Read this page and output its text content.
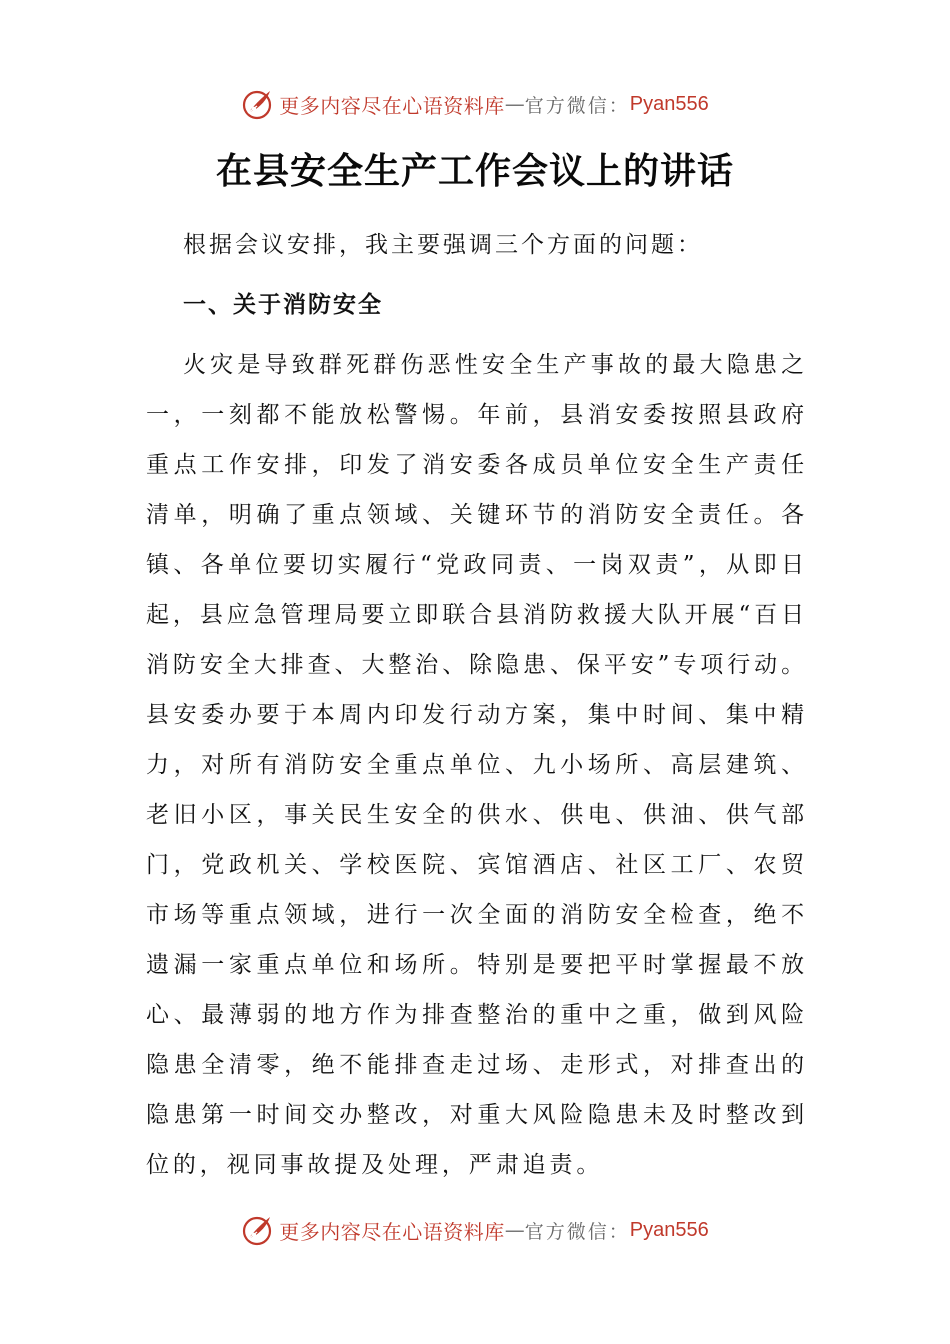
更多内容尽在心语资料库 — 官方微信： Pyan556
在县安全生产工作会议上的讲话

根据会议安排，我主要强调三个方面的问题：

一、关于消防安全

火灾是导致群死群伤恶性安全生产事故的最大隐患之一，一刻都不能放松警惕。年前，县消安委按照县政府重点工作安排，印发了消安委各成员单位安全生产责任清单，明确了重点领域、关键环节的消防安全责任。各镇、各单位要切实履行“党政同责、一岗双责”，从即日起，县应急管理局要立即联合县消防救援大队开展“百日消防安全大排查、大整治、除隐患、保平安”专项行动。县安委办要于本周内印发行动方案，集中时间、集中精力，对所有消防安全重点单位、九小场所、高层建筑、老旧小区，事关民生安全的供水、供电、供油、供气部门，党政机关、学校医院、宾馆酒店、社区工厂、农贸市场等重点领域，进行一次全面的消防安全检查，绝不遗漏一家重点单位和场所。特别是要把平时掌握最不放心、最薄弱的地方作为排查整治的重中之重，做到风险隐患全清零，绝不能排查走过场、走形式，对排查出的隐患第一时间交办整改，对重大风险隐患未及时整改到位的，视同事故提及处理，严肃追责。

更多内容尽在心语资料库 — 官方微信： Pyan556
